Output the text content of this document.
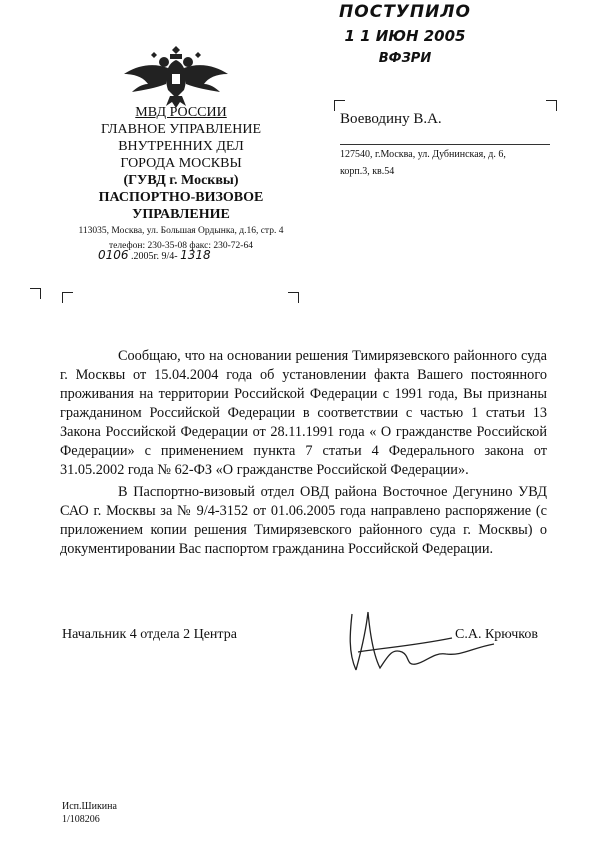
ПОСТУПИЛО
1 1 ИЮН 2005
ВФЗРИ
МВД РОССИИ
ГЛАВНОЕ УПРАВЛЕНИЕ
ВНУТРЕННИХ ДЕЛ
ГОРОДА МОСКВЫ
(ГУВД г. Москвы)
ПАСПОРТНО-ВИЗОВОЕ
УПРАВЛЕНИЕ
113035, Москва, ул. Большая Ордынка, д.16, стр. 4
телефон: 230-35-08 факс: 230-72-64
0106 .2005г. 9/4- 1318
Воеводину В.А.
127540, г.Москва, ул. Дубнинская, д. 6,
корп.3, кв.54

Сообщаю, что на основании решения Тимирязевского районного суда г. Москвы от 15.04.2004 года об установлении факта Вашего постоянного проживания на территории Российской Федерации с 1991 года, Вы признаны гражданином Российской Федерации в соответствии с частью 1 статьи 13 Закона Российской Федерации от 28.11.1991 года « О гражданстве Российской Федерации» с применением пункта 7 статьи 4 Федерального закона от 31.05.2002 года № 62-ФЗ «О гражданстве Российской Федерации».

В Паспортно-визовый отдел ОВД района Восточное Дегунино УВД САО г. Москвы за № 9/4-3152 от 01.06.2005 года направлено распоряжение (с приложением копии решения Тимирязевского районного суда г. Москвы) о документировании Вас паспортом гражданина Российской Федерации.

Начальник 4 отдела 2 Центра	С.А. Крючков
Исп.Шикина
1/108206
